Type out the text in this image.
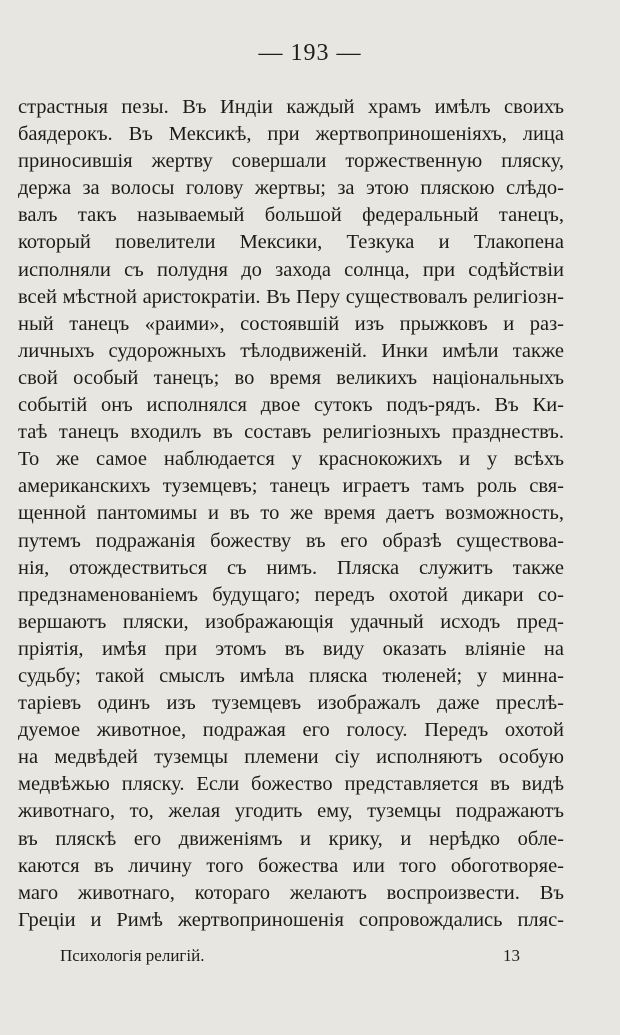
— 193 —
страстныя пезы. Въ Индіи каждый храмъ имѣлъ своихъ
баядерокъ. Въ Мексикѣ, при жертвоприношеніяхъ, лица
приносившія жертву совершали торжественную пляску,
держа за волосы голову жертвы; за этою пляскою слѣдо-
валъ такъ называемый большой федеральный танецъ,
который повелители Мексики, Тезкука и Тлакопена
исполняли съ полудня до захода солнца, при содѣйствіи
всей мѣстной аристократіи. Въ Перу существовалъ религіозн-
ный танецъ «раими», состоявшій изъ прыжковъ и раз-
личныхъ судорожныхъ тѣлодвиженій. Инки имѣли также
свой особый танецъ; во время великихъ національныхъ
событій онъ исполнялся двое сутокъ подъ-рядъ. Въ Ки-
таѣ танецъ входилъ въ составъ религіозныхъ празднествъ.
То же самое наблюдается у краснокожихъ и у всѣхъ
американскихъ туземцевъ; танецъ играетъ тамъ роль свя-
щенной пантомимы и въ то же время даетъ возможность,
путемъ подражанія божеству въ его образѣ существова-
нія, отождествиться съ нимъ. Пляска служитъ также
предзнаменованіемъ будущаго; передъ охотой дикари со-
вершаютъ пляски, изображающія удачный исходъ пред-
пріятія, имѣя при этомъ въ виду оказать вліяніе на
судьбу; такой смыслъ имѣла пляска тюленей; у минна-
таріевъ одинъ изъ туземцевъ изображалъ даже преслѣ-
дуемое животное, подражая его голосу. Передъ охотой
на медвѣдей туземцы племени сіу исполняютъ особую
медвѣжью пляску. Если божество представляется въ видѣ
животнаго, то, желая угодить ему, туземцы подражаютъ
въ пляскѣ его движеніямъ и крику, и нерѣдко обле-
каются въ личину того божества или того обоготворяе-
маго животнаго, котораго желаютъ воспроизвести. Въ
Греціи и Римѣ жертвоприношенія сопровождались пляс-
Психологія религій.	13
